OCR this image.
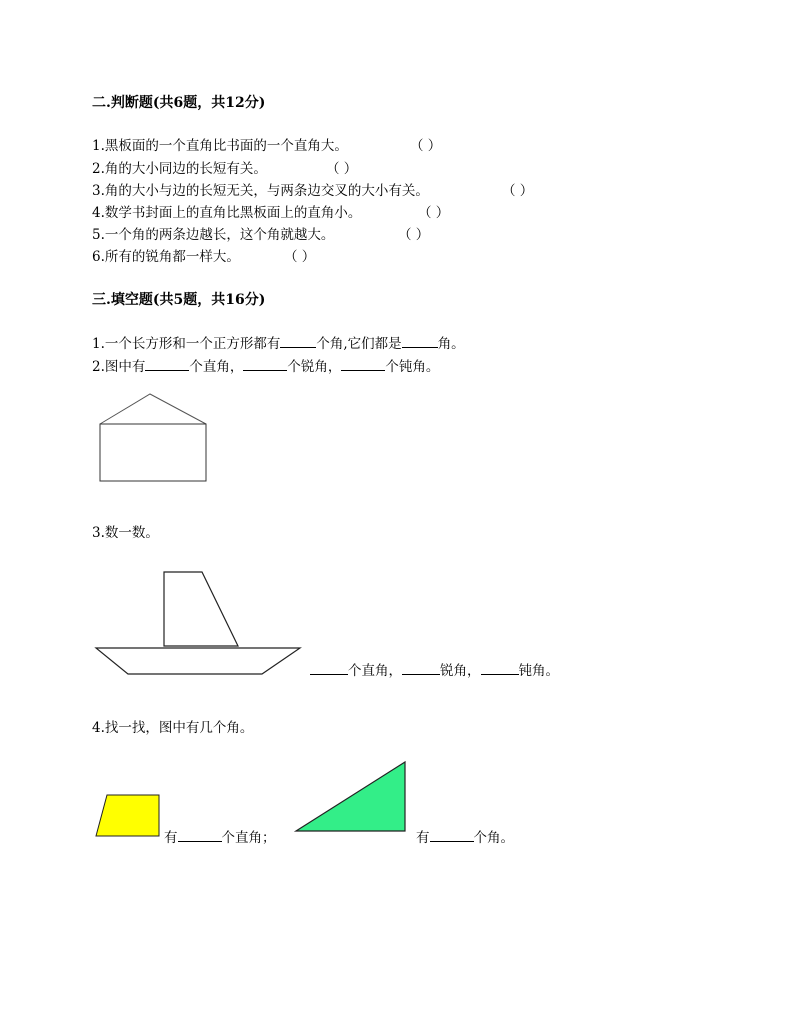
二.判断题(共6题，共12分)
1.黑板面的一个直角比书面的一个直角大。	（ ）
2.角的大小同边的长短有关。	（ ）
3.角的大小与边的长短无关，与两条边交叉的大小有关。	（ ）
4.数学书封面上的直角比黑板面上的直角小。	（ ）
5.一个角的两条边越长，这个角就越大。	（ ）
6.所有的锐角都一样大。	（ ）
三.填空题(共5题，共16分)
1.一个长方形和一个正方形都有	个角,它们都是	角。
2.图中有	个直角，	个锐角，	个钝角。
3.数一数。
个直角，	锐角，	钝角。
4.找一找，图中有几个角。
有	个直角；	有	个角。
